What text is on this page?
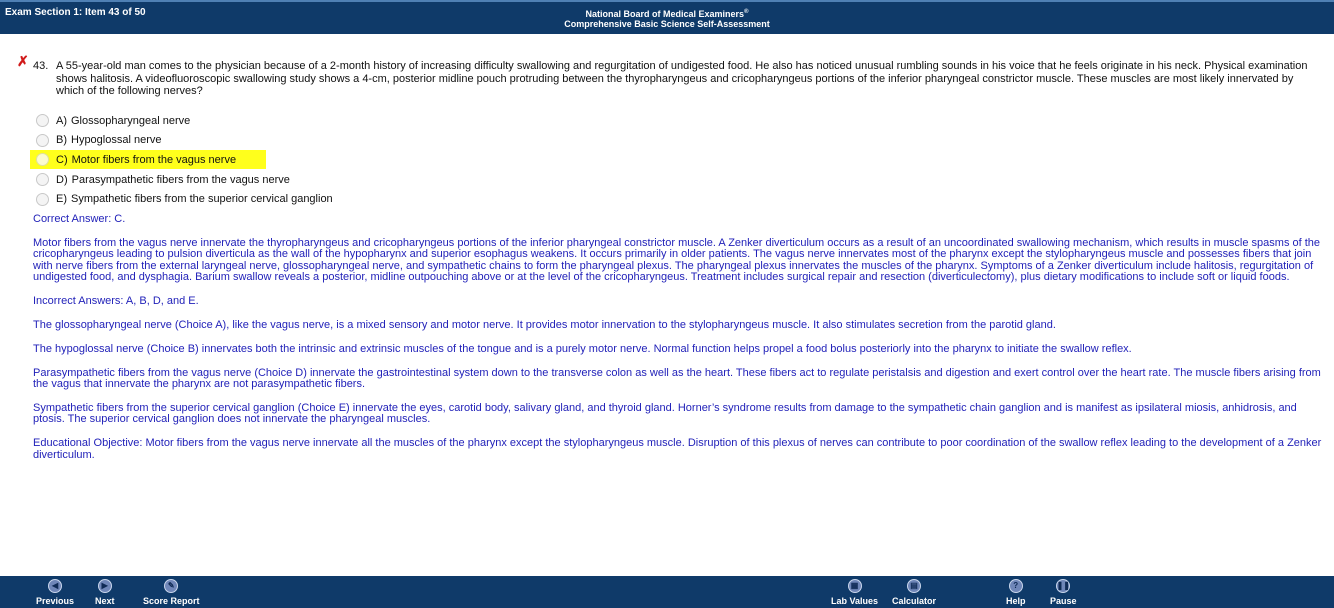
Exam Section 1: Item 43 of 50	National Board of Medical Examiners®
Comprehensive Basic Science Self-Assessment
✗ 43. A 55-year-old man comes to the physician because of a 2-month history of increasing difficulty swallowing and regurgitation of undigested food. He also has noticed unusual rumbling sounds in his voice that he feels originate in his neck. Physical examination shows halitosis. A videofluoroscopic swallowing study shows a 4-cm, posterior midline pouch protruding between the thyropharyngeus and cricopharyngeus portions of the inferior pharyngeal constrictor muscle. These muscles are most likely innervated by which of the following nerves?
A) Glossopharyngeal nerve
B) Hypoglossal nerve
C) Motor fibers from the vagus nerve
D) Parasympathetic fibers from the vagus nerve
E) Sympathetic fibers from the superior cervical ganglion

Correct Answer: C.

Motor fibers from the vagus nerve innervate the thyropharyngeus and cricopharyngeus portions of the inferior pharyngeal constrictor muscle. A Zenker diverticulum occurs as a result of an uncoordinated swallowing mechanism, which results in muscle spasms of the cricopharyngeus leading to pulsion diverticula as the wall of the hypopharynx and superior esophagus weakens. It occurs primarily in older patients. The vagus nerve innervates most of the pharynx except the stylopharyngeus muscle and possesses fibers that join with nerve fibers from the external laryngeal nerve, glossopharyngeal nerve, and sympathetic chains to form the pharyngeal plexus. The pharyngeal plexus innervates the muscles of the pharynx. Symptoms of a Zenker diverticulum include halitosis, regurgitation of undigested food, and dysphagia. Barium swallow reveals a posterior, midline outpouching above or at the level of the cricopharyngeus. Treatment includes surgical repair and resection (diverticulectomy), plus dietary modifications to include soft or liquid foods.

Incorrect Answers: A, B, D, and E.

The glossopharyngeal nerve (Choice A), like the vagus nerve, is a mixed sensory and motor nerve. It provides motor innervation to the stylopharyngeus muscle. It also stimulates secretion from the parotid gland.

The hypoglossal nerve (Choice B) innervates both the intrinsic and extrinsic muscles of the tongue and is a purely motor nerve. Normal function helps propel a food bolus posteriorly into the pharynx to initiate the swallow reflex.

Parasympathetic fibers from the vagus nerve (Choice D) innervate the gastrointestinal system down to the transverse colon as well as the heart. These fibers act to regulate peristalsis and digestion and exert control over the heart rate. The muscle fibers arising from the vagus that innervate the pharynx are not parasympathetic fibers.

Sympathetic fibers from the superior cervical ganglion (Choice E) innervate the eyes, carotid body, salivary gland, and thyroid gland. Horner’s syndrome results from damage to the sympathetic chain ganglion and is manifest as ipsilateral miosis, anhidrosis, and ptosis. The superior cervical ganglion does not innervate the pharyngeal muscles.

Educational Objective: Motor fibers from the vagus nerve innervate all the muscles of the pharynx except the stylopharyngeus muscle. Disruption of this plexus of nerves can contribute to poor coordination of the swallow reflex leading to the development of a Zenker diverticulum.

◀
Previous
▶
Next
✎
Score Report
▦
Lab Values
▤
Calculator
?
Help
❚❚
Pause
